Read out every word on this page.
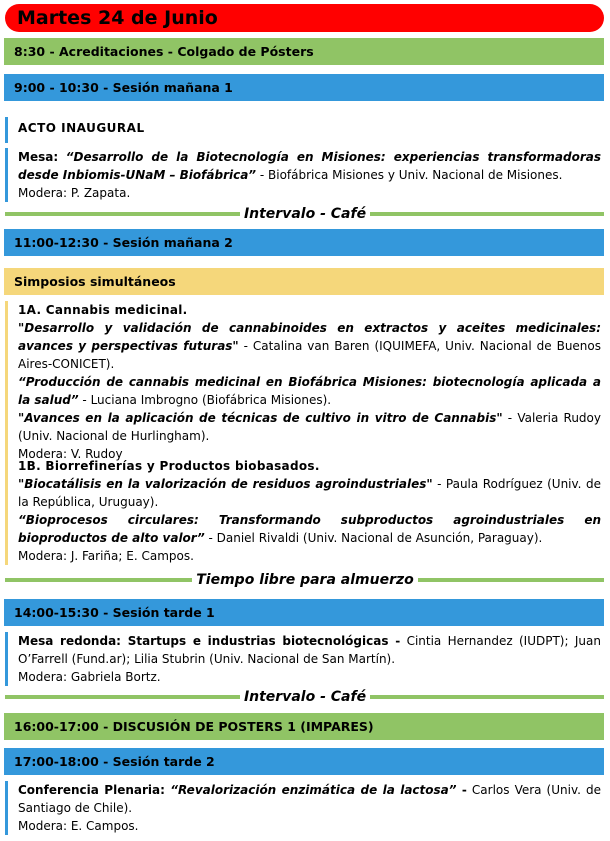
Martes 24 de Junio
8:30 - Acreditaciones - Colgado de Pósters
9:00 - 10:30 - Sesión mañana 1

ACTO INAUGURAL

Mesa: “Desarrollo de la Biotecnología en Misiones: experiencias transformadoras desde Inbiomis-UNaM – Biofábrica” - Biofábrica Misiones y Univ. Nacional de Misiones.

Modera: P. Zapata.

Intervalo - Café
11:00-12:30 - Sesión mañana 2
Simposios simultáneos

1A. Cannabis medicinal.

"Desarrollo y validación de cannabinoides en extractos y aceites medicinales: avances y perspectivas futuras" - Catalina van Baren (IQUIMEFA, Univ. Nacional de Buenos Aires-CONICET).

“Producción de cannabis medicinal en Biofábrica Misiones: biotecnología aplicada a la salud” - Luciana Imbrogno (Biofábrica Misiones).

"Avances en la aplicación de técnicas de cultivo in vitro de Cannabis" - Valeria Rudoy (Univ. Nacional de Hurlingham).

Modera: V. Rudoy

1B. Biorrefinerías y Productos biobasados.

"Biocatálisis en la valorización de residuos agroindustriales" - Paula Rodríguez (Univ. de la República, Uruguay).

“Bioprocesos circulares: Transformando subproductos agroindustriales en bioproductos de alto valor” - Daniel Rivaldi (Univ. Nacional de Asunción, Paraguay).

Modera: J. Fariña; E. Campos.

Tiempo libre para almuerzo
14:00-15:30 - Sesión tarde 1

Mesa redonda: Startups e industrias biotecnológicas - Cintia Hernandez (IUDPT); Juan O’Farrell (Fund.ar); Lilia Stubrin (Univ. Nacional de San Martín).

Modera: Gabriela Bortz.

Intervalo - Café
16:00-17:00 - DISCUSIÓN DE POSTERS 1 (IMPARES)
17:00-18:00 - Sesión tarde 2

Conferencia Plenaria: “Revalorización enzimática de la lactosa” - Carlos Vera (Univ. de Santiago de Chile).

Modera: E. Campos.
